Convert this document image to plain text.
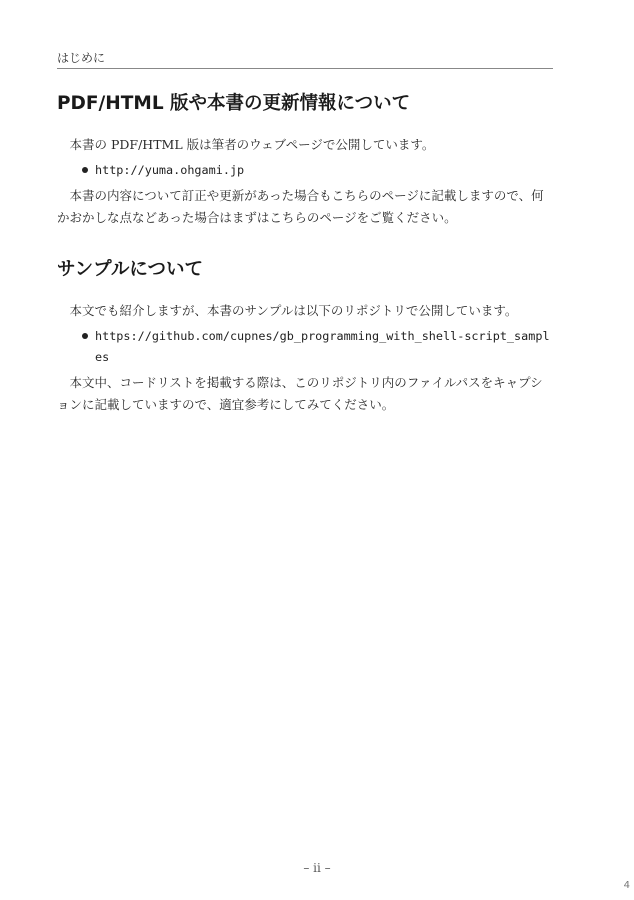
はじめに
PDF/HTML 版や本書の更新情報について

本書の PDF/HTML 版は筆者のウェブページで公開しています。

http://yuma.ohgami.jp

本書の内容について訂正や更新があった場合もこちらのページに記載しますので、何かおかしな点などあった場合はまずはこちらのページをご覧ください。

サンプルについて

本文でも紹介しますが、本書のサンプルは以下のリポジトリで公開しています。

https://github.com/cupnes/gb_programming_with_shell-script_samples

本文中、コードリストを掲載する際は、このリポジトリ内のファイルパスをキャプションに記載していますので、適宜参考にしてみてください。

– ii –
4
